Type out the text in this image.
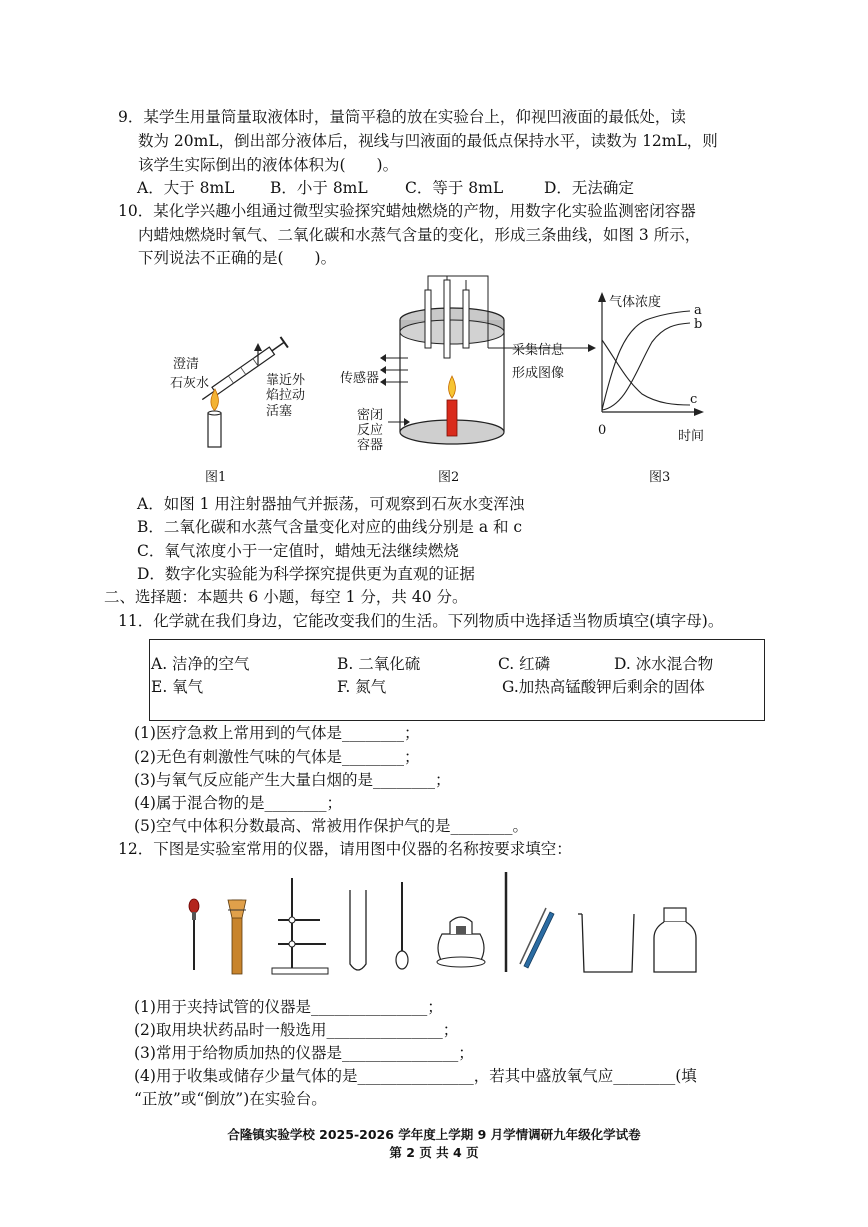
9．某学生用量筒量取液体时，量筒平稳的放在实验台上，仰视凹液面的最低处，读
数为 20mL，倒出部分液体后，视线与凹液面的最低点保持水平，读数为 12mL，则
该学生实际倒出的液体体积为(　　)。
A．大于 8mL B．小于 8mL C．等于 8mL	D．无法确定
10．某化学兴趣小组通过微型实验探究蜡烛燃烧的产物，用数字化实验监测密闭容器
内蜡烛燃烧时氧气、二氧化碳和水蒸气含量的变化，形成三条曲线，如图 3 所示，
下列说法不正确的是(　　)。
澄清
石灰水	靠近外
焰拉动
活塞
图1
传感器
密闭
反应
容器
采集信息
形成图像
图2
气体浓度
a
b
c
0	时间
图3
A．如图 1 用注射器抽气并振荡，可观察到石灰水变浑浊
B．二氧化碳和水蒸气含量变化对应的曲线分别是 a 和 c
C．氧气浓度小于一定值时，蜡烛无法继续燃烧
D．数字化实验能为科学探究提供更为直观的证据
二、选择题：本题共 6 小题，每空 1 分，共 40 分。
11．化学就在我们身边，它能改变我们的生活。下列物质中选择适当物质填空(填字母)。
A. 洁净的空气	B. 二氧化硫	C. 红磷	D. 冰水混合物
E. 氧气	F. 氮气	G.加热高锰酸钾后剩余的固体
(1)医疗急救上常用到的气体是________；
(2)无色有刺激性气味的气体是________；
(3)与氧气反应能产生大量白烟的是________；
(4)属于混合物的是________；
(5)空气中体积分数最高、常被用作保护气的是________。
12．下图是实验室常用的仪器，请用图中仪器的名称按要求填空：
(1)用于夹持试管的仪器是_______________；
(2)取用块状药品时一般选用_______________；
(3)常用于给物质加热的仪器是_______________；
(4)用于收集或储存少量气体的是_______________，若其中盛放氧气应________(填
“正放”或“倒放”)在实验台。
合隆镇实验学校 2025-2026 学年度上学期 9 月学情调研九年级化学试卷
第 2 页 共 4 页
